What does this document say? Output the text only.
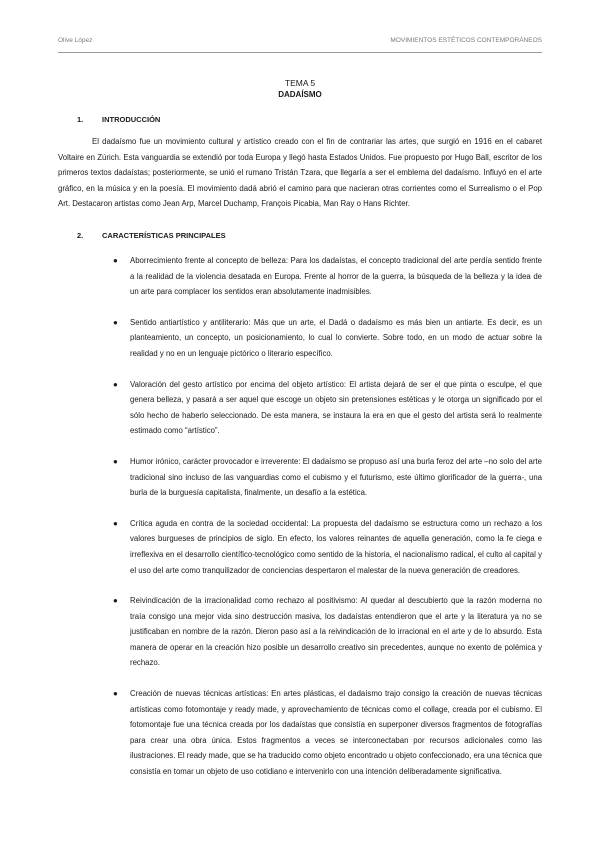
Olive López	MOVIMIENTOS ESTÉTICOS CONTEMPORÁNEOS
TEMA 5
DADAÍSMO
1. INTRODUCCIÓN

El dadaísmo fue un movimiento cultural y artístico creado con el fin de contrariar las artes, que surgió en 1916 en el cabaret Voltaire en Zúrich. Esta vanguardia se extendió por toda Europa y llegó hasta Estados Unidos. Fue propuesto por Hugo Ball, escritor de los primeros textos dadaístas; posteriormente, se unió el rumano Tristán Tzara, que llegaría a ser el emblema del dadaísmo. Influyó en el arte gráfico, en la música y en la poesía. El movimiento dadá abrió el camino para que nacieran otras corrientes como el Surrealismo o el Pop Art. Destacaron artistas como Jean Arp, Marcel Duchamp, François Picabia, Man Ray o Hans Richter.

2. CARACTERÍSTICAS PRINCIPALES
● Aborrecimiento frente al concepto de belleza: Para los dadaístas, el concepto tradicional del arte perdía sentido frente a la realidad de la violencia desatada en Europa. Frente al horror de la guerra, la búsqueda de la belleza y la idea de un arte para complacer los sentidos eran absolutamente inadmisibles.

● Sentido antiartístico y antiliterario: Más que un arte, el Dadá o dadaísmo es más bien un antiarte. Es decir, es un planteamiento, un concepto, un posicionamiento, lo cual lo convierte. Sobre todo, en un modo de actuar sobre la realidad y no en un lenguaje pictórico o literario específico.

● Valoración del gesto artístico por encima del objeto artístico: El artista dejará de ser el que pinta o esculpe, el que genera belleza, y pasará a ser aquel que escoge un objeto sin pretensiones estéticas y le otorga un significado por el sólo hecho de haberlo seleccionado. De esta manera, se instaura la era en que el gesto del artista será lo realmente estimado como “artístico”.

● Humor irónico, carácter provocador e irreverente: El dadaísmo se propuso así una burla feroz del arte –no solo del arte tradicional sino incluso de las vanguardias como el cubismo y el futurismo, este último glorificador de la guerra-, una burla de la burguesía capitalista, finalmente, un desafío a la estética.

● Crítica aguda en contra de la sociedad occidental: La propuesta del dadaísmo se estructura como un rechazo a los valores burgueses de principios de siglo. En efecto, los valores reinantes de aquella generación, como la fe ciega e irreflexiva en el desarrollo científico-tecnológico como sentido de la historia, el nacionalismo radical, el culto al capital y el uso del arte como tranquilizador de conciencias despertaron el malestar de la nueva generación de creadores.

● Reivindicación de la irracionalidad como rechazo al positivismo: Al quedar al descubierto que la razón moderna no traía consigo una mejor vida sino destrucción masiva, los dadaístas entendieron que el arte y la literatura ya no se justificaban en nombre de la razón. Dieron paso así a la reivindicación de lo irracional en el arte y de lo absurdo. Esta manera de operar en la creación hizo posible un desarrollo creativo sin precedentes, aunque no exento de polémica y rechazo.

● Creación de nuevas técnicas artísticas: En artes plásticas, el dadaísmo trajo consigo la creación de nuevas técnicas artísticas como fotomontaje y ready made, y aprovechamiento de técnicas como el collage, creada por el cubismo. El fotomontaje fue una técnica creada por los dadaístas que consistía en superponer diversos fragmentos de fotografías para crear una obra única. Estos fragmentos a veces se interconectaban por recursos adicionales como las ilustraciones. El ready made, que se ha traducido como objeto encontrado u objeto confeccionado, era una técnica que consistía en tomar un objeto de uso cotidiano e intervenirlo con una intención deliberadamente significativa.
